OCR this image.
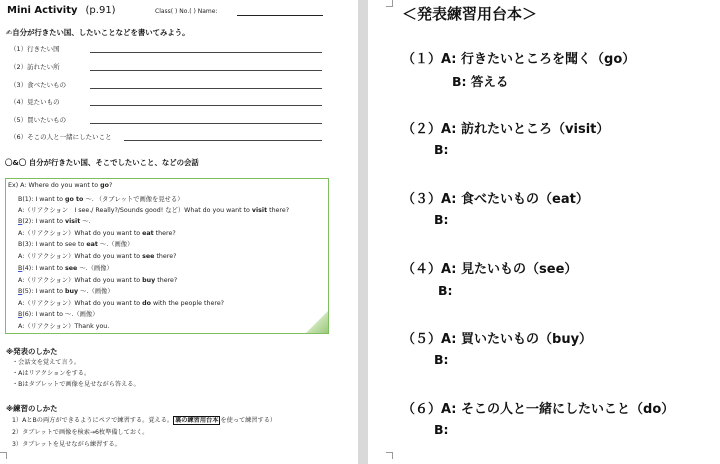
Mini Activity (p.91)	Class( ) No.( ) Name:
✍自分が行きたい国、したいことなどを書いてみよう。
（1）行きたい国
（2）訪れたい所
（3）食べたいもの
（4）見たいもの
（5）買いたいもの
（6）そこの人と一緒にしたいこと
〇&〇 自分が行きたい国、そこでしたいこと、などの会話
Ex) A: Where do you want to go?
B(1): I want to go to ～. （タブレットで画像を見せる）
A:（リアクション　I see./ Really?/Sounds good! など）What do you want to visit there?
B(2): I want to visit ～.
A:（リアクション）What do you want to eat there?
B(3): I want to see to eat ～.（画像）
A:（リアクション）What do you want to see there?
B(4): I want to see ～.（画像）
A:（リアクション）What do you want to buy there?
B(5): I want to buy ～.（画像）
A:（リアクション）What do you want to do with the people there?
B(6): I want to ～.（画像）
A:（リアクション）Thank you.
※発表のしかた
・会話文を覚えて言う。
・Aはリアクションをする。
・Bはタブレットで画像を見せながら答える。
※練習のしかた
1）AとBの両方ができるようにペアで練習する。覚える。 裏の練習用台本 を使って練習する）
2）タブレットで画像を検索→6枚準備しておく。
3）タブレットを見せながら練習する。
＜発表練習用台本＞
（１）A: 行きたいところを聞く（go）
B: 答える
（２）A: 訪れたいところ（visit）
B:
（３）A: 食べたいもの（eat）
B:
（４）A: 見たいもの（see）
B:
（５）A: 買いたいもの（buy）
B:
（６）A: そこの人と一緒にしたいこと（do）
B:
